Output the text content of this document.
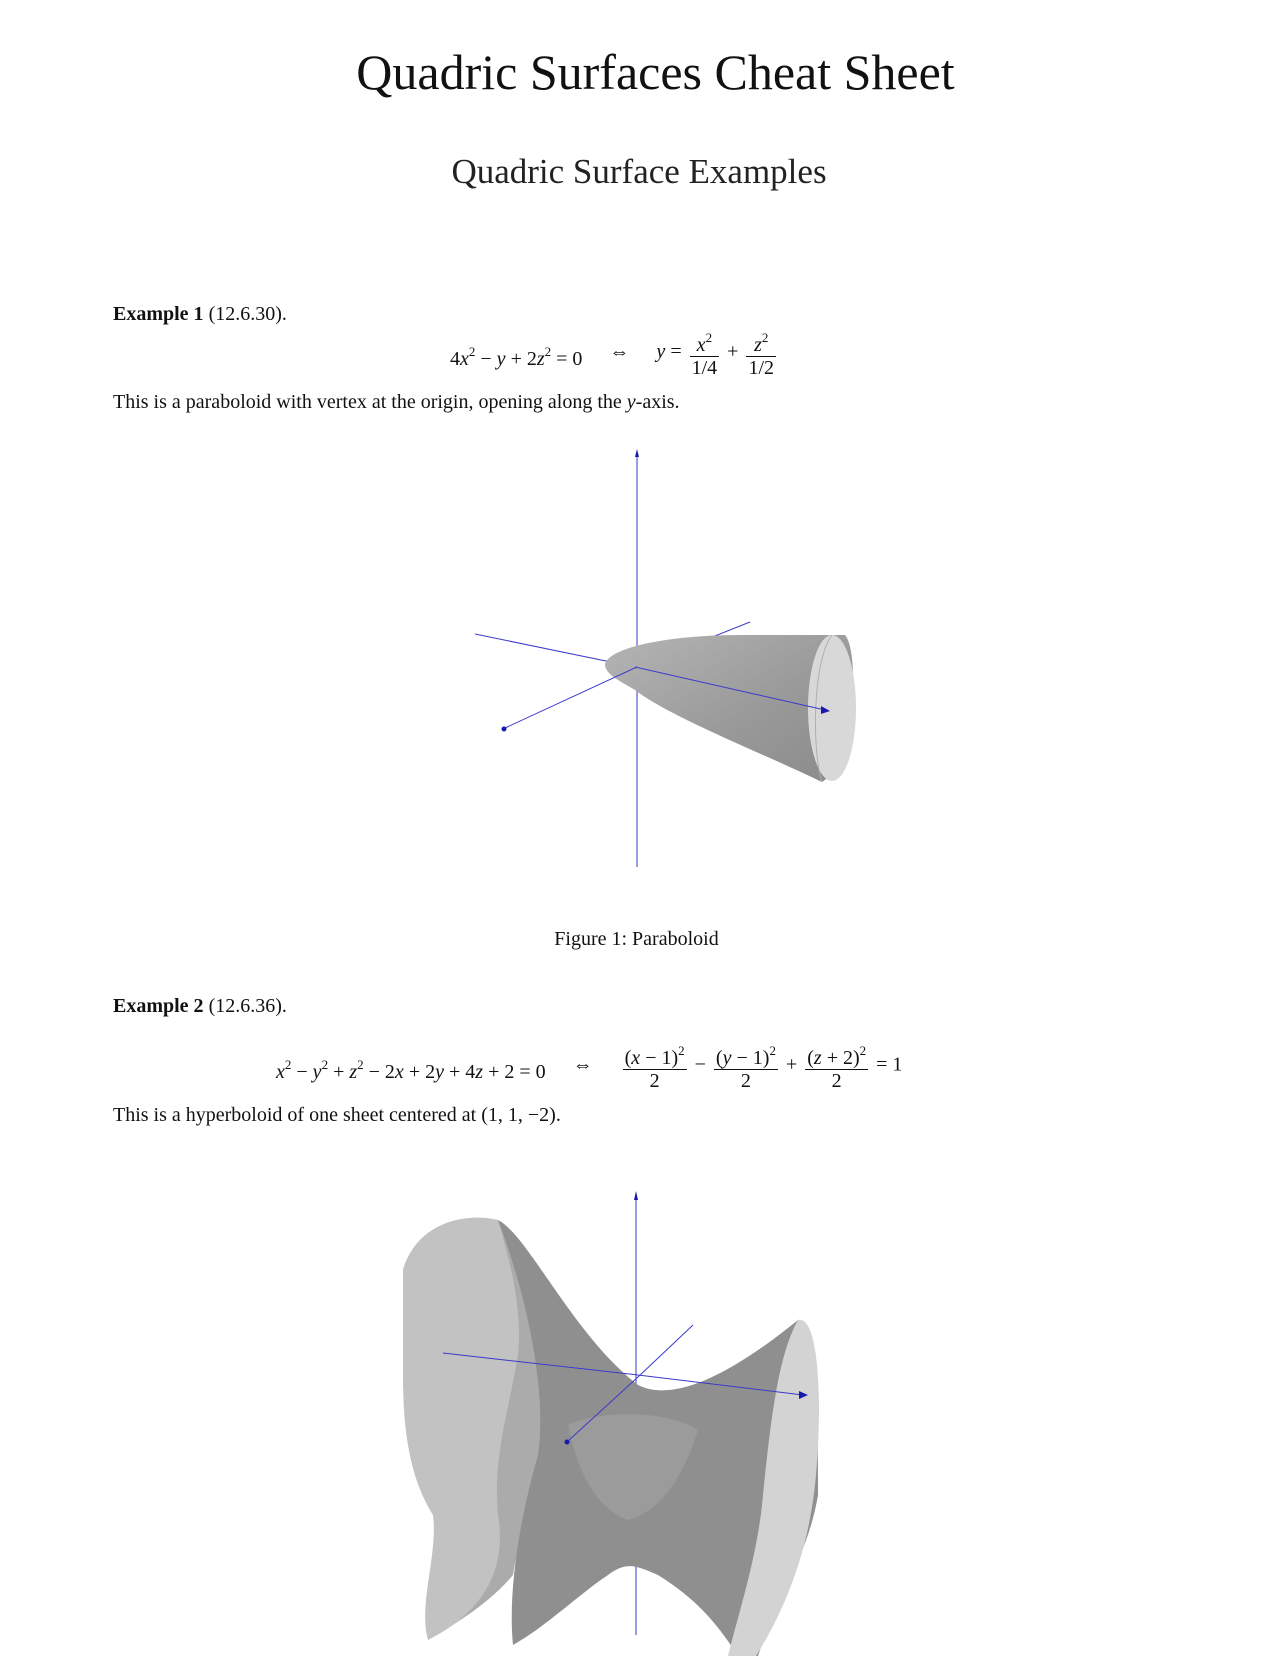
Quadric Surfaces Cheat Sheet
Quadric Surface Examples
Example 1 (12.6.30).
$4x^2 - y + 2z^2 = 0$ ⇔ $y = \frac{x^2}{1/4} + \frac{z^2}{1/2}$
This is a paraboloid with vertex at the origin, opening along the y-axis.
Figure 1: Paraboloid
Example 2 (12.6.36).
$x^2 - y^2 + z^2 - 2x + 2y + 4z + 2 = 0$ ⇔ $\frac{(x - 1)^2}{2} - \frac{(y - 1)^2}{2} + \frac{(z + 2)^2}{2} = 1$
This is a hyperboloid of one sheet centered at (1, 1, −2).
